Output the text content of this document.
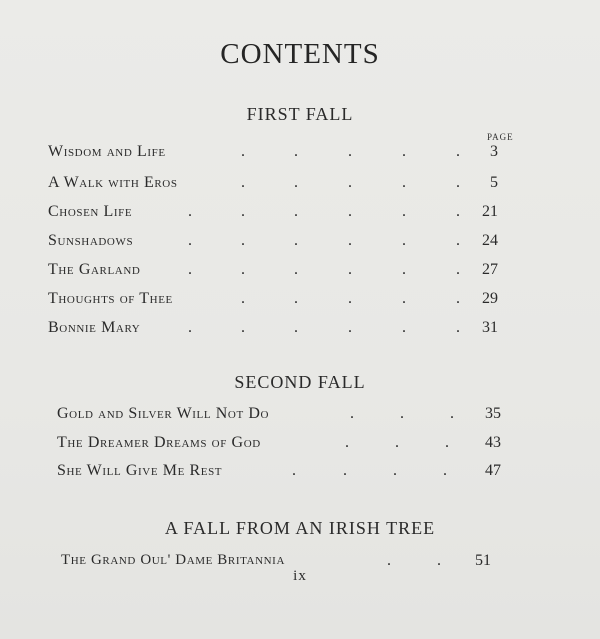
CONTENTS
FIRST FALL
PAGE
Wisdom and Life	.	.	.	.	.	3
A Walk with Eros	.	.	.	.	.	5
Chosen Life	.	.	.	.	.	.	21
Sunshadows	.	.	.	.	.	.	24
The Garland	.	.	.	.	.	.	27
Thoughts of Thee	.	.	.	.	.	29
Bonnie Mary	.	.	.	.	.	.	31
SECOND FALL
Gold and Silver Will Not Do	.	.	.	35
The Dreamer Dreams of God	.	.	.	43
She Will Give Me Rest	.	.	.	.	47
A FALL FROM AN IRISH TREE
The Grand Oul' Dame Britannia	.	.	51
ix
